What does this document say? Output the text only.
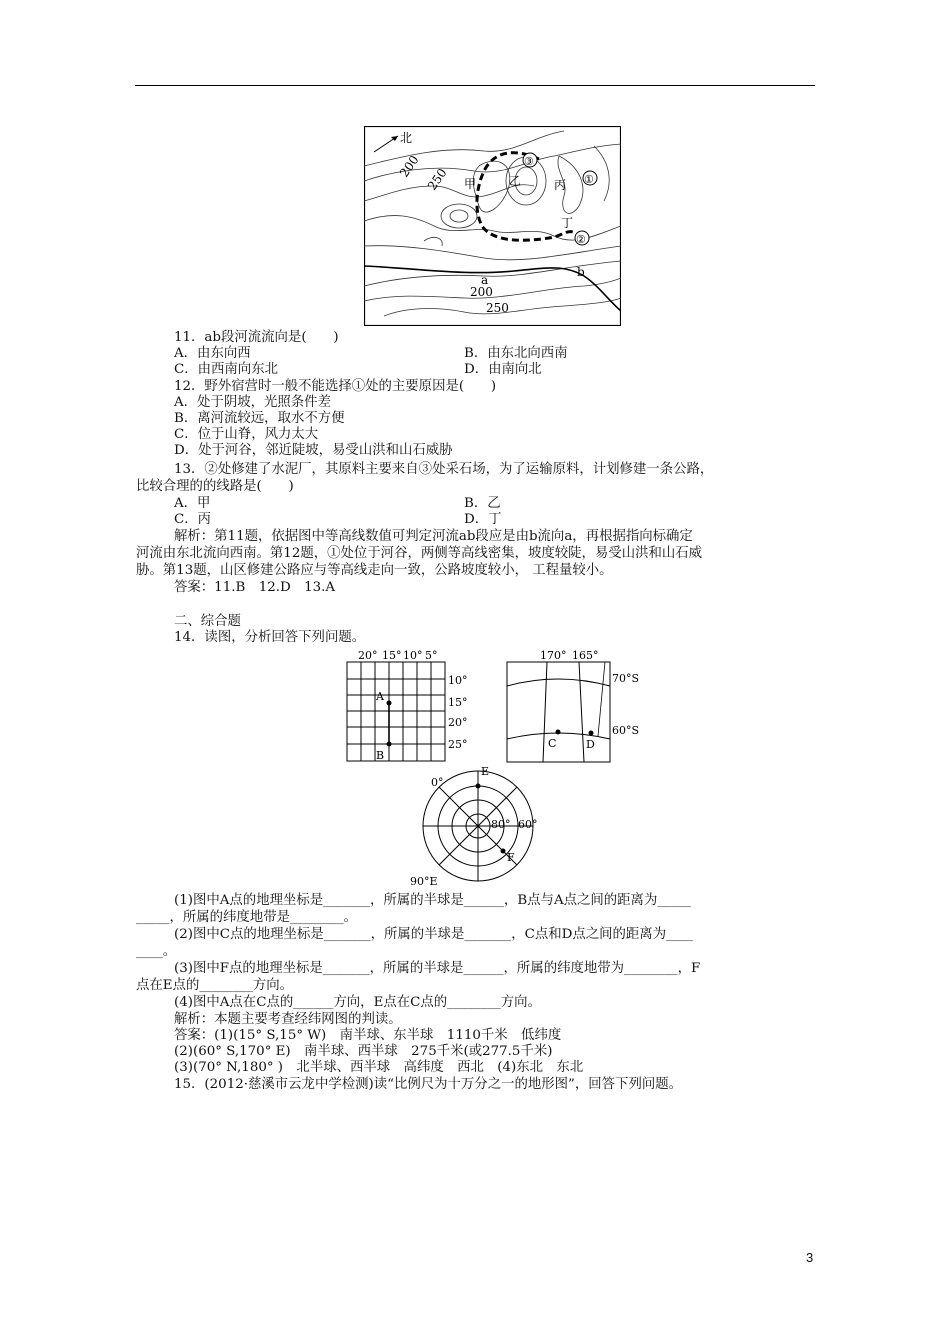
北
200 250 甲	乙	丙
丁
③
①
②
a
b
200
250
11．ab段河流流向是(　　)
A．由东向西	B．由东北向西南
C．由西南向东北	D．由南向北
12．野外宿营时一般不能选择①处的主要原因是(　　)
A．处于阴坡，光照条件差
B．离河流较远，取水不方便
C．位于山脊，风力太大
D．处于河谷，邻近陡坡，易受山洪和山石威胁
13．②处修建了水泥厂，其原料主要来自③处采石场，为了运输原料，计划修建一条公路，
比较合理的的线路是(　　)
A．甲	B．乙
C．丙	D．丁
解析：第11题，依据图中等高线数值可判定河流ab段应是由b流向a，再根据指向标确定
河流由东北流向西南。第12题，①处位于河谷，两侧等高线密集，坡度较陡，易受山洪和山石威
胁。第13题，山区修建公路应与等高线走向一致，公路坡度较小， 工程量较小。
答案：11.B　12.D　13.A
二、综合题
14．读图，分析回答下列问题。
20° 15° 10° 5°
10°
15°
20°
25°
A
B
170° 165°
70°S
60°S
C	D
0°
E
80° 60°
F
90°E
(1)图中A点的地理坐标是_______，所属的半球是______，B点与A点之间的距离为_____
_____，所属的纬度地带是________。
(2)图中C点的地理坐标是_______，所属的半球是_______，C点和D点之间的距离为____
____。
(3)图中F点的地理坐标是_______，所属的半球是______，所属的纬度地带为________，F
点在E点的________方向。
(4)图中A点在C点的______方向，E点在C点的________方向。
解析：本题主要考查经纬网图的判读。
答案：(1)(15° S,15° W)　南半球、东半球　1110千米　低纬度
(2)(60° S,170° E)　南半球、西半球　275千米(或277.5千米)
(3)(70° N,180° )　北半球、西半球　高纬度　西北　(4)东北　东北
15．(2012·慈溪市云龙中学检测)读“比例尺为十万分之一的地形图”，回答下列问题。
3
